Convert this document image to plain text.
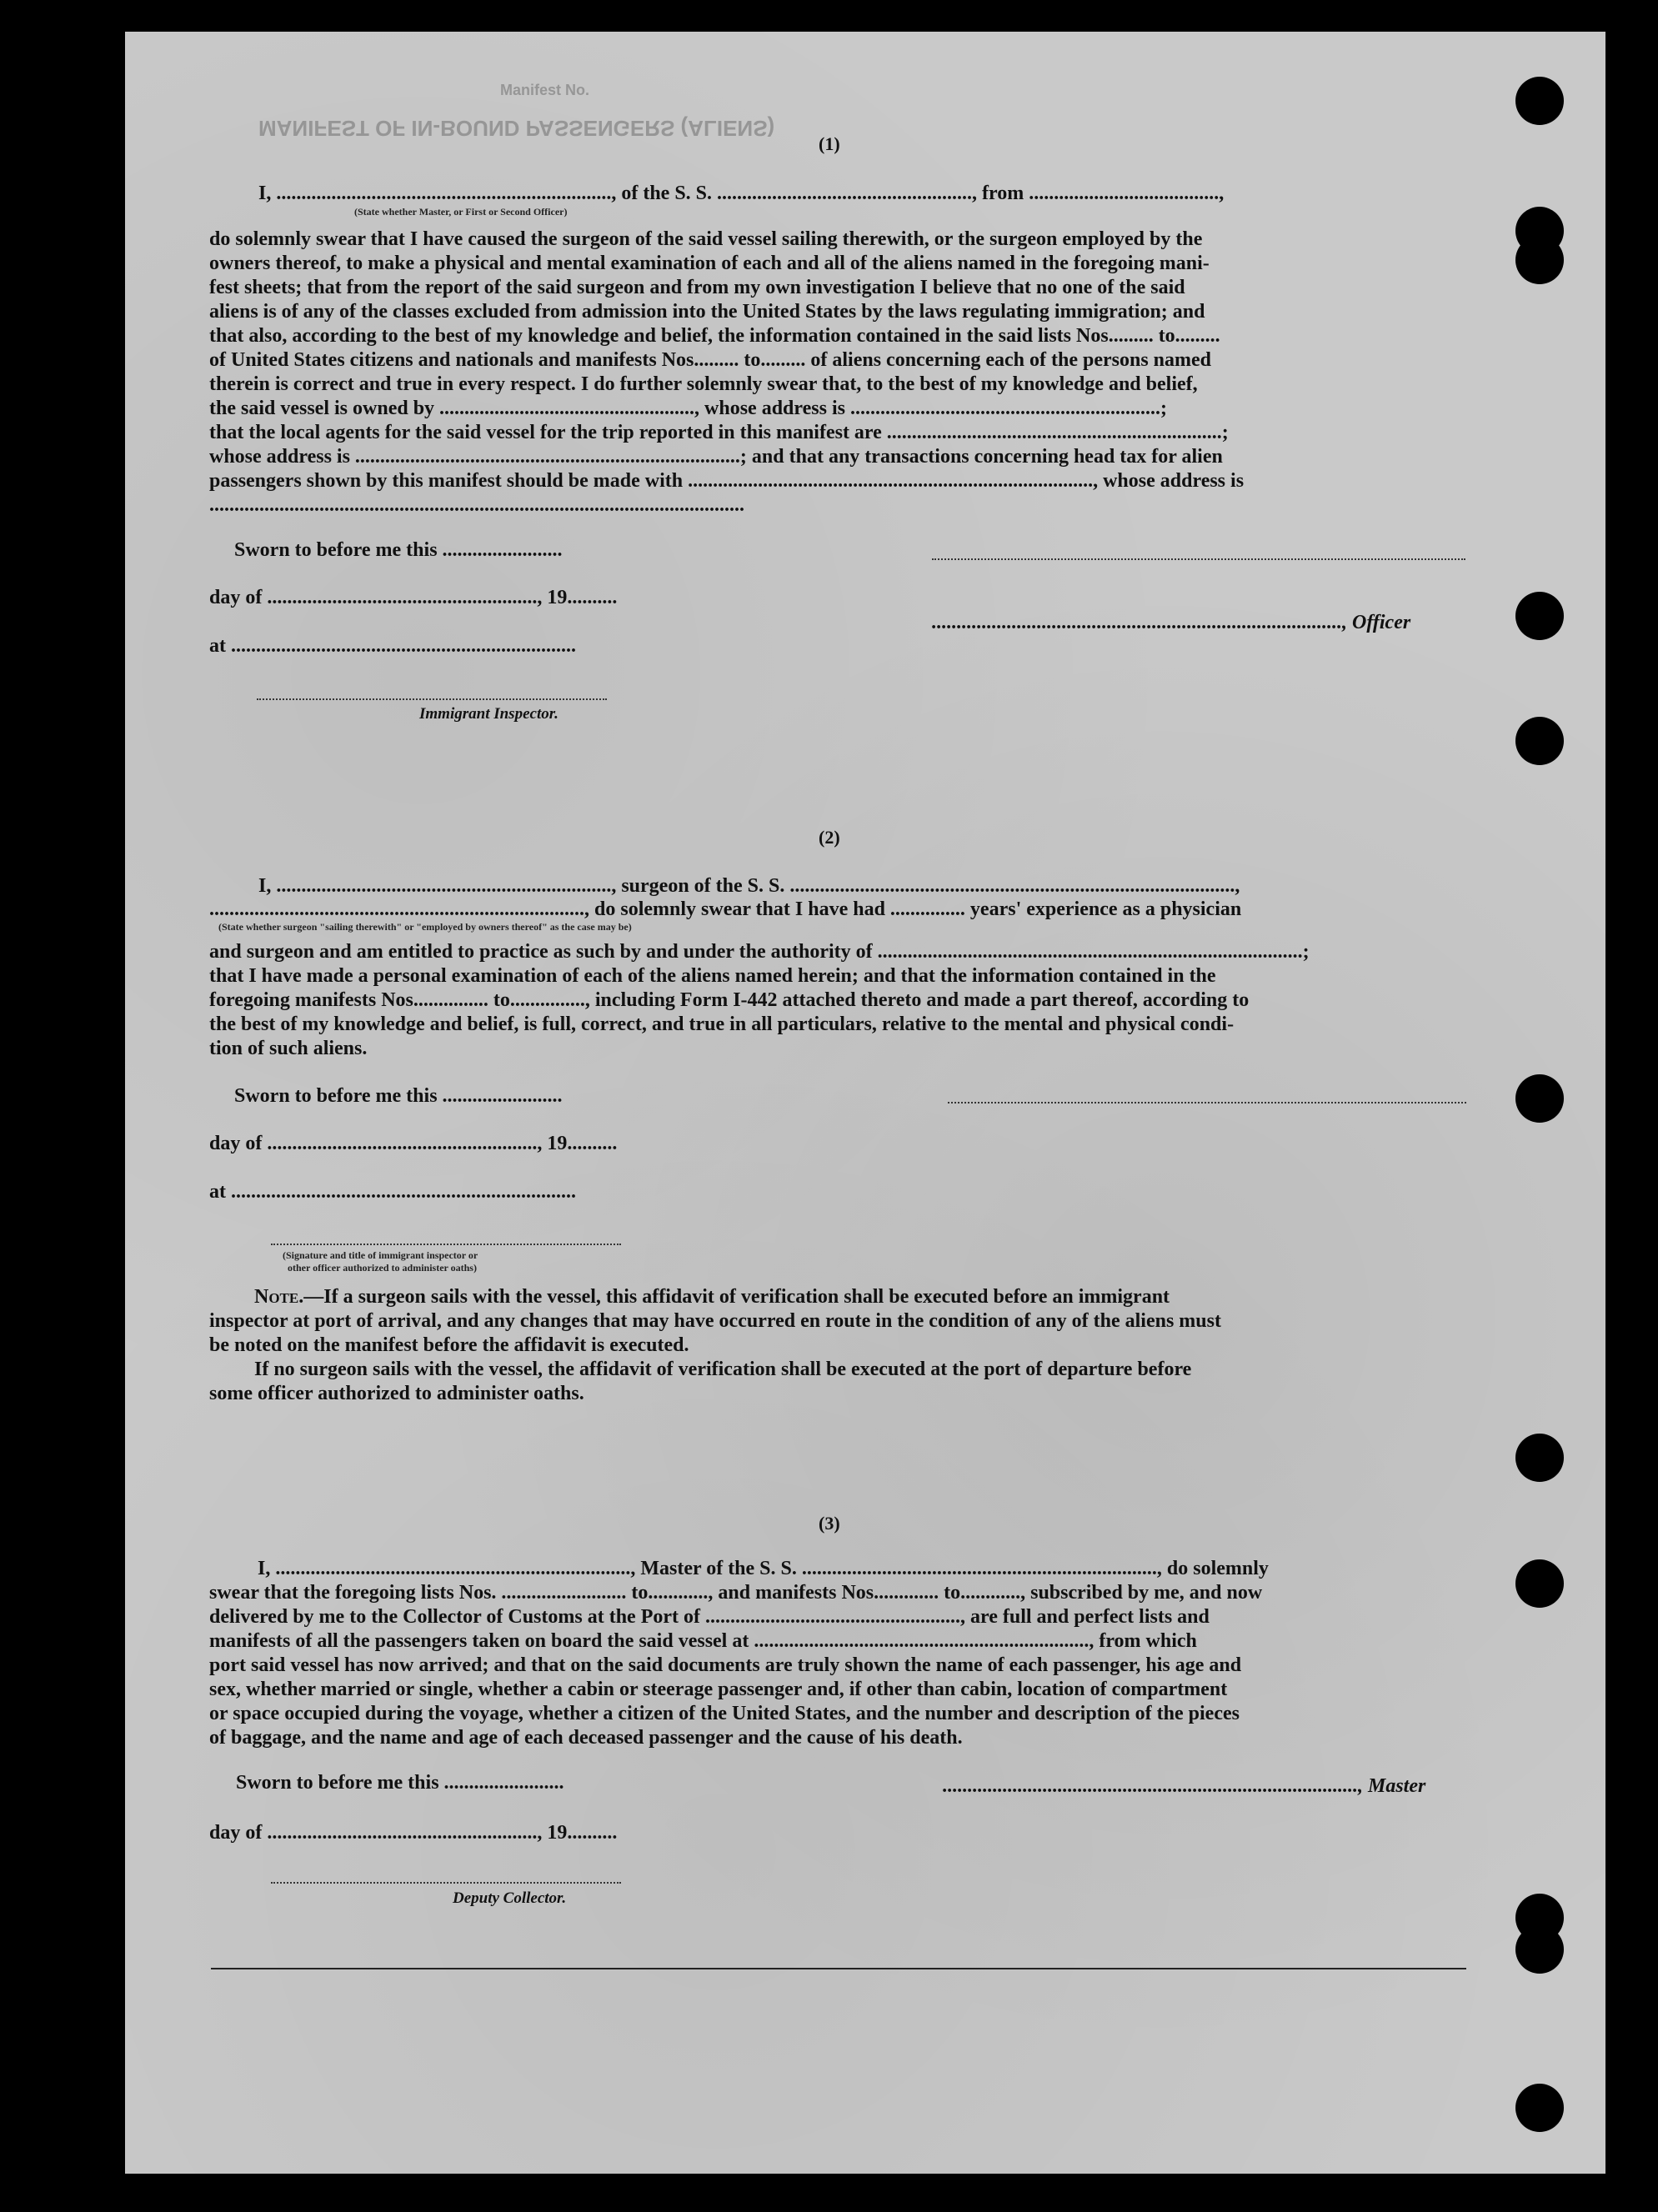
Manifest No.
MANIFEST OF IN-BOUND PASSENGERS (ALIENS)
(1)
I, ..................................................................., of the S. S. ..................................................., from ......................................,
(State whether Master, or First or Second Officer)
do solemnly swear that I have caused the surgeon of the said vessel sailing therewith, or the surgeon employed by the
owners thereof, to make a physical and mental examination of each and all of the aliens named in the foregoing mani-
fest sheets; that from the report of the said surgeon and from my own investigation I believe that no one of the said
aliens is of any of the classes excluded from admission into the United States by the laws regulating immigration; and
that also, according to the best of my knowledge and belief, the information contained in the said lists Nos......... to.........
of United States citizens and nationals and manifests Nos......... to......... of aliens concerning each of the persons named
therein is correct and true in every respect. I do further solemnly swear that, to the best of my knowledge and belief,
the said vessel is owned by ..................................................., whose address is ..............................................................;
that the local agents for the said vessel for the trip reported in this manifest are ...................................................................;
whose address is .............................................................................; and that any transactions concerning head tax for alien
passengers shown by this manifest should be made with ................................................................................., whose address is
...........................................................................................................
Sworn to before me this ........................
day of ......................................................, 19..........
.................................................................................., Officer
at .....................................................................
Immigrant Inspector.
(2)
I, ..................................................................., surgeon of the S. S. .........................................................................................,
..........................................................................., do solemnly swear that I have had ............... years' experience as a physician
(State whether surgeon "sailing therewith" or "employed by owners thereof" as the case may be)
and surgeon and am entitled to practice as such by and under the authority of .....................................................................................;
that I have made a personal examination of each of the aliens named herein; and that the information contained in the
foregoing manifests Nos............... to..............., including Form I-442 attached thereto and made a part thereof, according to
the best of my knowledge and belief, is full, correct, and true in all particulars, relative to the mental and physical condi-
tion of such aliens.
Sworn to before me this ........................
day of ......................................................, 19..........
at .....................................................................
(Signature and title of immigrant inspector or
other officer authorized to administer oaths)
Note.—If a surgeon sails with the vessel, this affidavit of verification shall be executed before an immigrant
inspector at port of arrival, and any changes that may have occurred en route in the condition of any of the aliens must
be noted on the manifest before the affidavit is executed.
If no surgeon sails with the vessel, the affidavit of verification shall be executed at the port of departure before
some officer authorized to administer oaths.
(3)
I, ......................................................................., Master of the S. S. ......................................................................., do solemnly
swear that the foregoing lists Nos. ......................... to............, and manifests Nos............. to............, subscribed by me, and now
delivered by me to the Collector of Customs at the Port of ..................................................., are full and perfect lists and
manifests of all the passengers taken on board the said vessel at ..................................................................., from which
port said vessel has now arrived; and that on the said documents are truly shown the name of each passenger, his age and
sex, whether married or single, whether a cabin or steerage passenger and, if other than cabin, location of compartment
or space occupied during the voyage, whether a citizen of the United States, and the number and description of the pieces
of baggage, and the name and age of each deceased passenger and the cause of his death.
Sworn to before me this ........................	..................................................................................., Master
day of ......................................................, 19..........
Deputy Collector.
